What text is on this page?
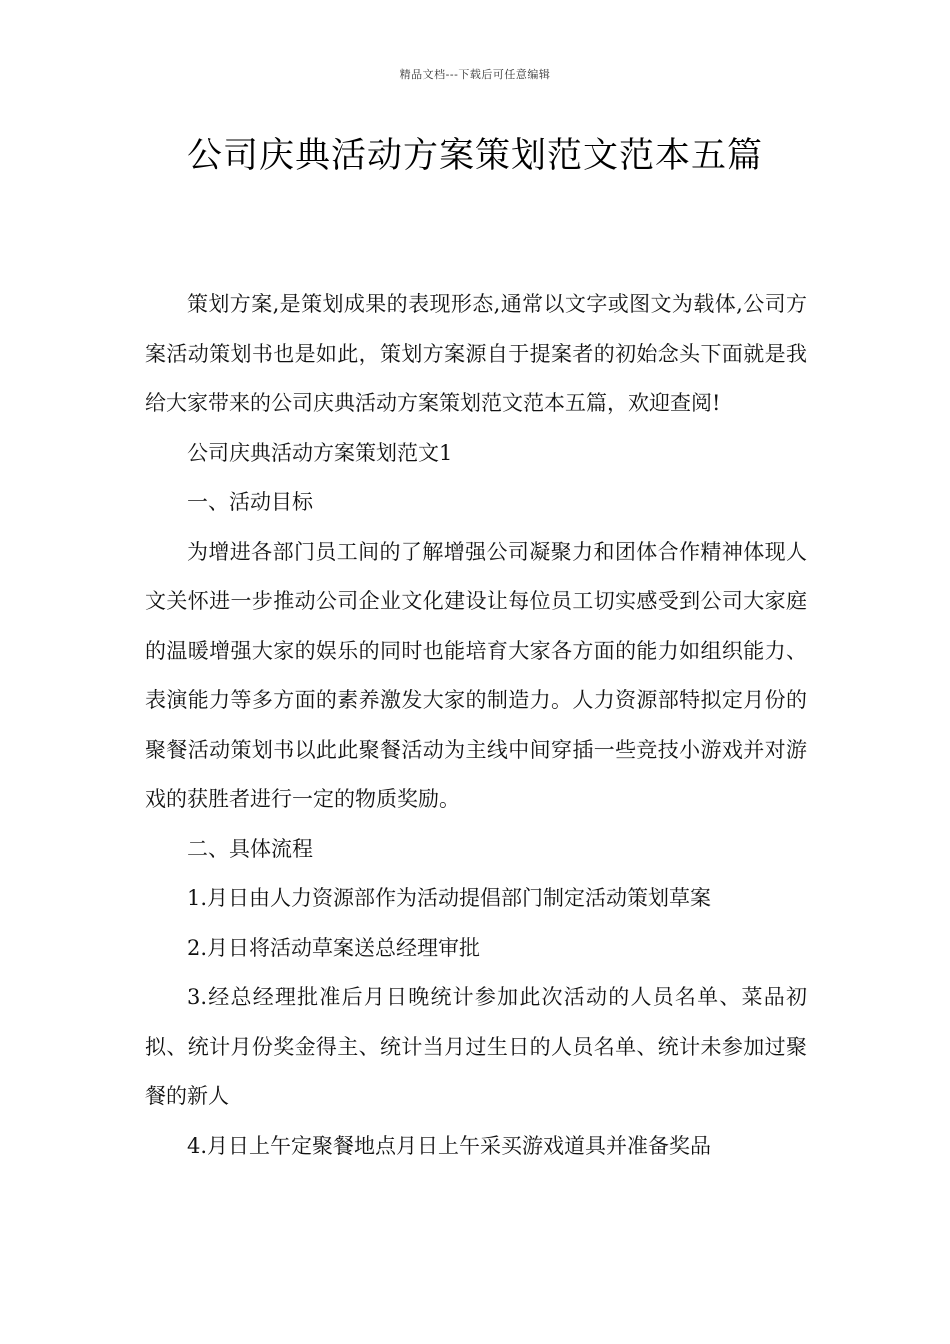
精品文档---下载后可任意编辑
公司庆典活动方案策划范文范本五篇

策划方案,是策划成果的表现形态,通常以文字或图文为载体,公司方案活动策划书也是如此，策划方案源自于提案者的初始念头下面就是我给大家带来的公司庆典活动方案策划范文范本五篇，欢迎查阅!

公司庆典活动方案策划范文1

一、活动目标

为增进各部门员工间的了解增强公司凝聚力和团体合作精神体现人文关怀进一步推动公司企业文化建设让每位员工切实感受到公司大家庭的温暖增强大家的娱乐的同时也能培育大家各方面的能力如组织能力、表演能力等多方面的素养激发大家的制造力。人力资源部特拟定月份的聚餐活动策划书以此此聚餐活动为主线中间穿插一些竞技小游戏并对游戏的获胜者进行一定的物质奖励。

二、具体流程

1.月日由人力资源部作为活动提倡部门制定活动策划草案

2.月日将活动草案送总经理审批

3.经总经理批准后月日晚统计参加此次活动的人员名单、菜品初拟、统计月份奖金得主、统计当月过生日的人员名单、统计未参加过聚餐的新人

4.月日上午定聚餐地点月日上午采买游戏道具并准备奖品
